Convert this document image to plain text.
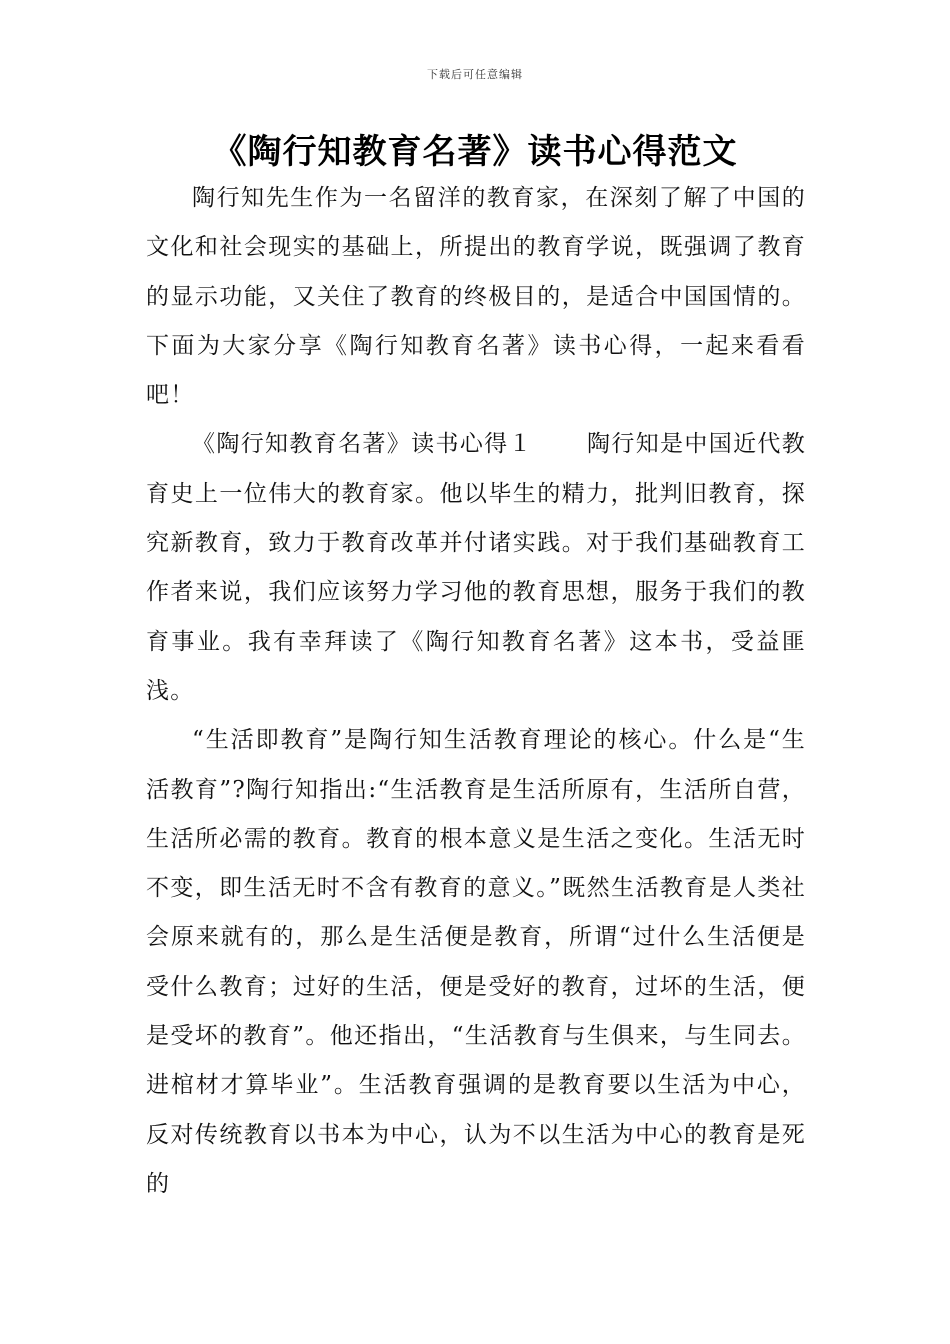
下载后可任意编辑
《陶行知教育名著》读书心得范文

陶行知先生作为一名留洋的教育家，在深刻了解了中国的文化和社会现实的基础上，所提出的教育学说，既强调了教育的显示功能，又关住了教育的终极目的，是适合中国国情的。下面为大家分享《陶行知教育名著》读书心得，一起来看看吧！

《陶行知教育名著》读书心得１ 陶行知是中国近代教育史上一位伟大的教育家。他以毕生的精力，批判旧教育，探究新教育，致力于教育改革并付诸实践。对于我们基础教育工作者来说，我们应该努力学习他的教育思想，服务于我们的教育事业。我有幸拜读了《陶行知教育名著》这本书，受益匪浅。

“生活即教育”是陶行知生活教育理论的核心。什么是“生活教育”?陶行知指出:“生活教育是生活所原有，生活所自营，生活所必需的教育。教育的根本意义是生活之变化。生活无时不变，即生活无时不含有教育的意义。”既然生活教育是人类社会原来就有的，那么是生活便是教育，所谓“过什么生活便是受什么教育；过好的生活，便是受好的教育，过坏的生活，便是受坏的教育”。他还指出，“生活教育与生俱来，与生同去。进棺材才算毕业”。生活教育强调的是教育要以生活为中心，反对传统教育以书本为中心，认为不以生活为中心的教育是死的
